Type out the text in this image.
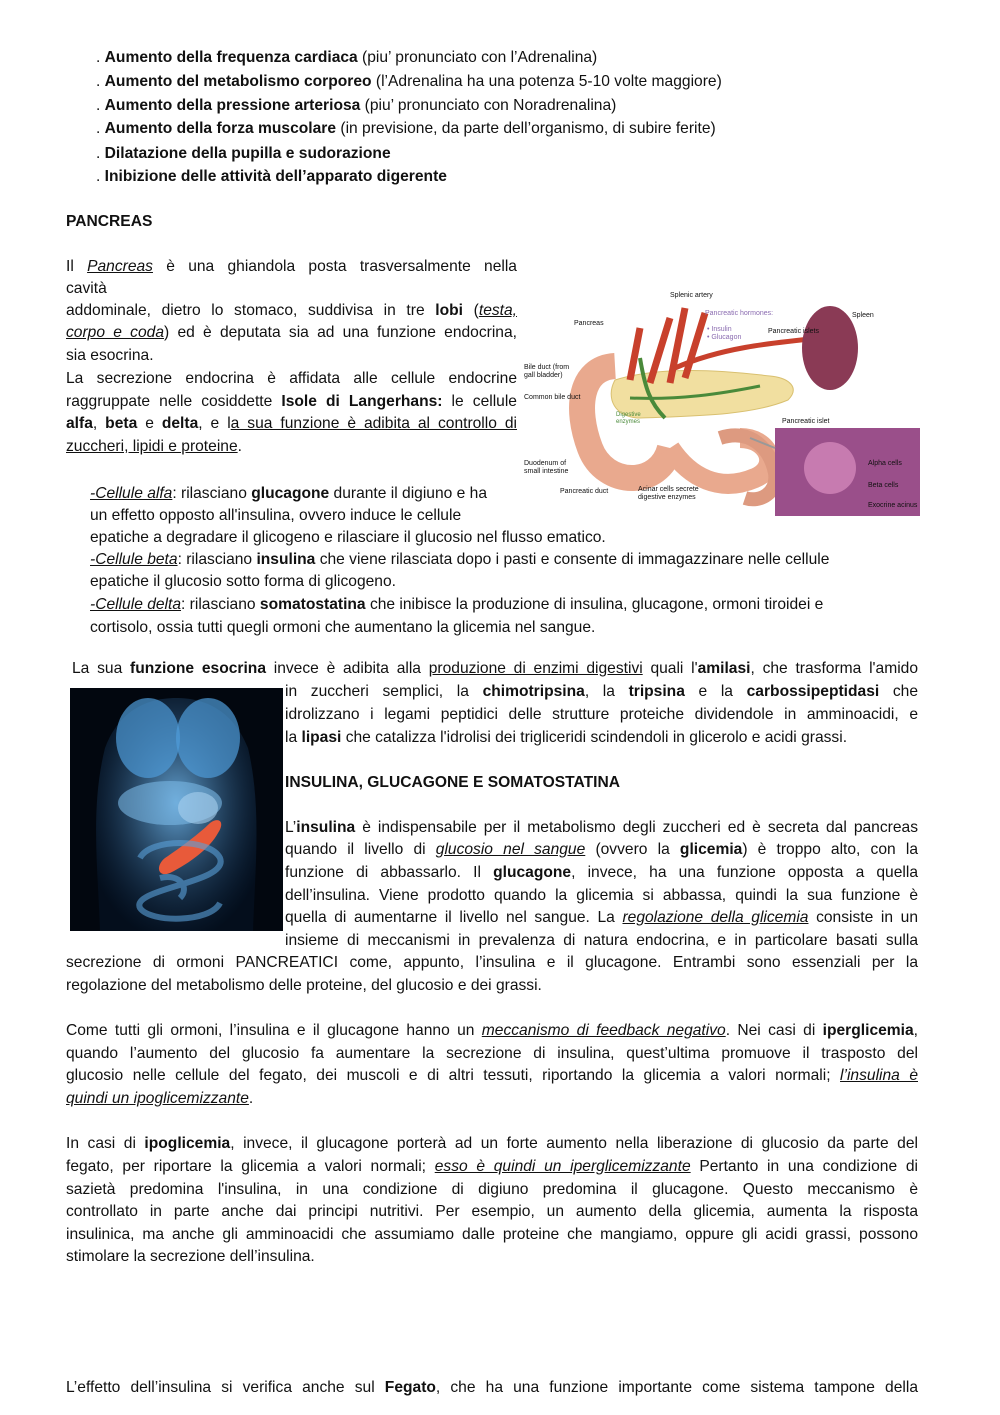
. Aumento della frequenza cardiaca (piu’ pronunciato con l’Adrenalina)
. Aumento del metabolismo corporeo (l’Adrenalina ha una potenza 5-10 volte maggiore)
. Aumento della pressione arteriosa (piu’ pronunciato con Noradrenalina)
. Aumento della forza muscolare (in previsione, da parte dell’organismo, di subire ferite)
. Dilatazione della pupilla e sudorazione
. Inibizione delle attività dell’apparato digerente
PANCREAS
Il Pancreas è una ghiandola posta trasversalmente nella
cavità
addominale, dietro lo stomaco, suddivisa in tre lobi (testa,
corpo e coda) ed è deputata sia ad una funzione endocrina,
sia esocrina.
La secrezione endocrina è affidata alle cellule endocrine
raggruppate nelle cosiddette Isole di Langerhans: le cellule
alfa, beta e delta, e la sua funzione è adibita al controllo di
zuccheri, lipidi e proteine.
Splenic artery
Pancreas
Pancreatic hormones:
• Insulin
• Glucagon
Pancreatic islets
Spleen
Bile duct (from gall bladder)
Common bile duct
Digestive enzymes
Duodenum of small intestine
Pancreatic duct	Acinar cells secrete digestive enzymes
Pancreatic islet
Alpha cells
Beta cells
Exocrine acinus
-Cellule alfa: rilasciano glucagone durante il digiuno e ha
un effetto opposto all'insulina, ovvero induce le cellule
epatiche a degradare il glicogeno e rilasciare il glucosio nel flusso ematico.
-Cellule beta: rilasciano insulina che viene rilasciata dopo i pasti e consente di immagazzinare nelle cellule
epatiche il glucosio sotto forma di glicogeno.
-Cellule delta: rilasciano somatostatina che inibisce la produzione di insulina, glucagone, ormoni tiroidei e
cortisolo, ossia tutti quegli ormoni che aumentano la glicemia nel sangue.
La sua funzione esocrina invece è adibita alla produzione di enzimi digestivi quali l'amilasi, che trasforma l'amido
in zuccheri semplici, la chimotripsina, la tripsina e la carbossipeptidasi che
idrolizzano i legami peptidici delle strutture proteiche dividendole in amminoacidi, e
la lipasi che catalizza l'idrolisi dei trigliceridi scindendoli in glicerolo e acidi grassi.
INSULINA, GLUCAGONE E SOMATOSTATINA
L’insulina è indispensabile per il metabolismo degli zuccheri ed è secreta dal pancreas
quando il livello di glucosio nel sangue (ovvero la glicemia) è troppo alto, con la
funzione di abbassarlo. Il glucagone, invece, ha una funzione opposta a quella
dell’insulina. Viene prodotto quando la glicemia si abbassa, quindi la sua funzione è
quella di aumentarne il livello nel sangue. La regolazione della glicemia consiste in un
insieme di meccanismi in prevalenza di natura endocrina, e in particolare basati sulla
secrezione di ormoni PANCREATICI come, appunto, l’insulina e il glucagone. Entrambi sono essenziali per la
regolazione del metabolismo delle proteine, del glucosio e dei grassi.
Come tutti gli ormoni, l’insulina e il glucagone hanno un meccanismo di feedback negativo. Nei casi di iperglicemia,
quando l’aumento del glucosio fa aumentare la secrezione di insulina, quest’ultima promuove il trasposto del
glucosio nelle cellule del fegato, dei muscoli e di altri tessuti, riportando la glicemia a valori normali; l’insulina è
quindi un ipoglicemizzante.
In casi di ipoglicemia, invece, il glucagone porterà ad un forte aumento nella liberazione di glucosio da parte del
fegato, per riportare la glicemia a valori normali; esso è quindi un iperglicemizzante Pertanto in una condizione di
sazietà predomina l'insulina, in una condizione di digiuno predomina il glucagone. Questo meccanismo è
controllato in parte anche dai principi nutritivi. Per esempio, un aumento della glicemia, aumenta la risposta
insulinica, ma anche gli amminoacidi che assumiamo dalle proteine che mangiamo, oppure gli acidi grassi, possono
stimolare la secrezione dell’insulina.
L’effetto dell’insulina si verifica anche sul Fegato, che ha una funzione importante come sistema tampone della
